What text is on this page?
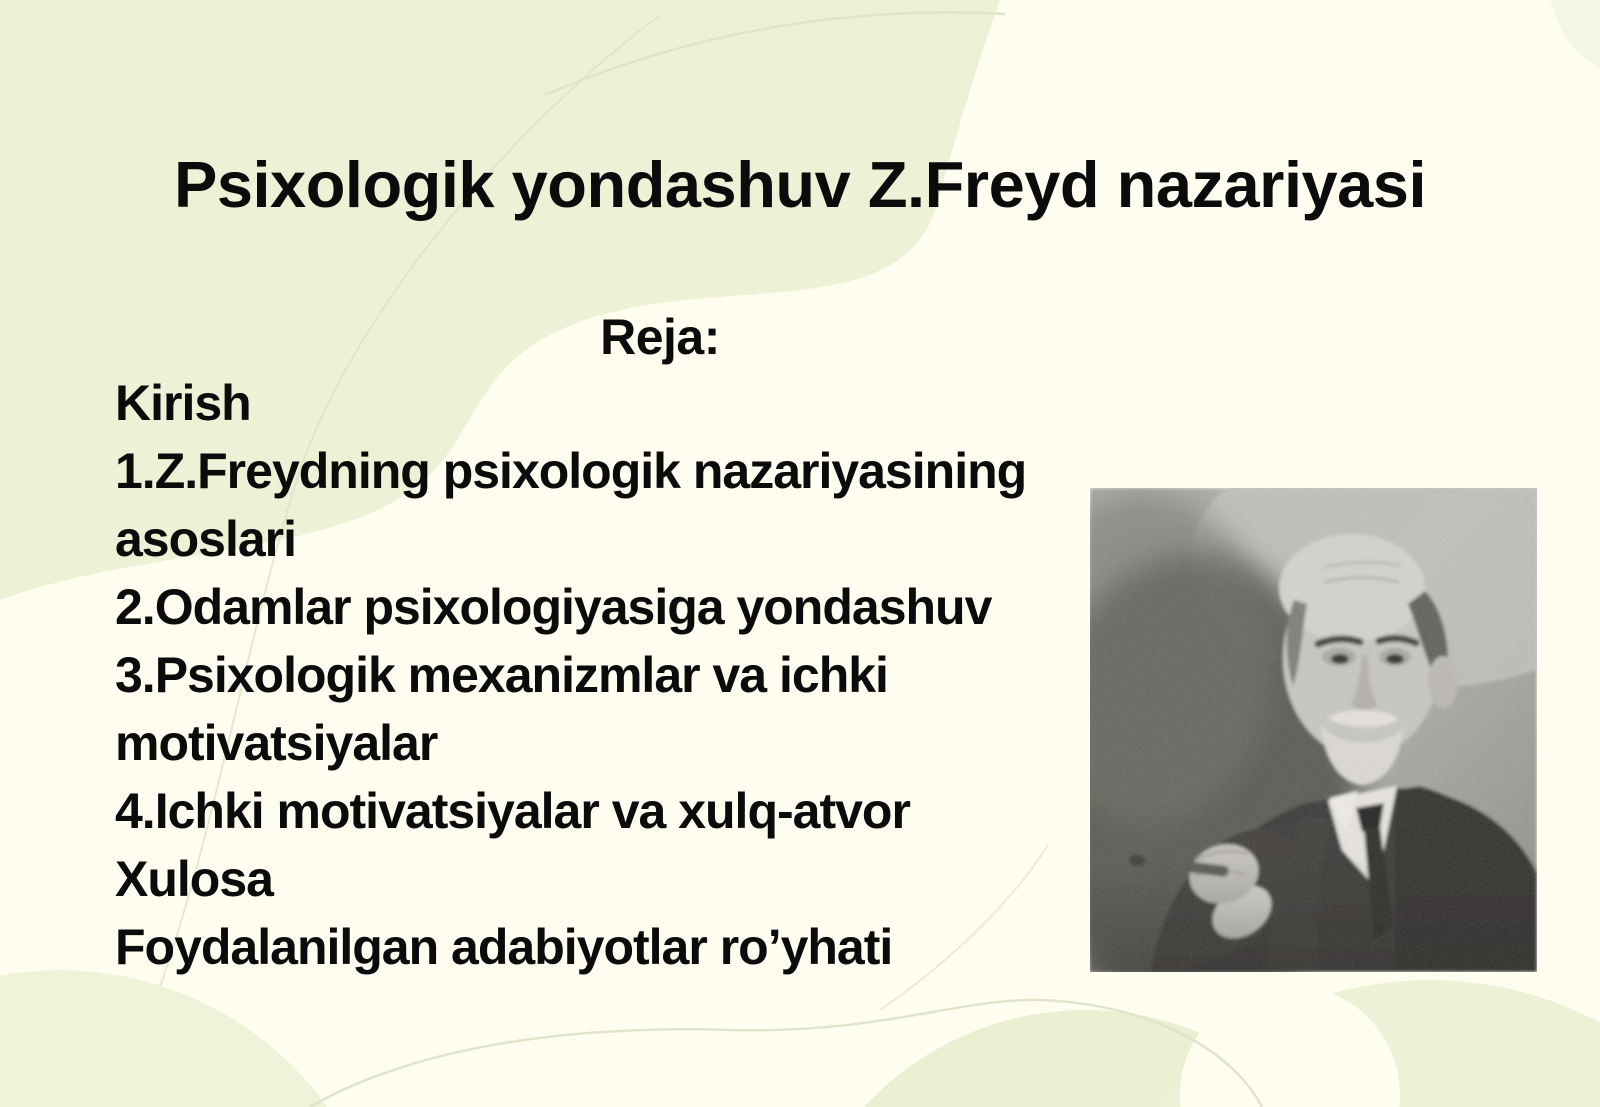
Psixologik yondashuv Z.Freyd nazariyasi
Reja:
Kirish
1.Z.Freydning psixologik nazariyasining
asoslari
2.Odamlar psixologiyasiga yondashuv
3.Psixologik mexanizmlar va ichki
motivatsiyalar
4.Ichki motivatsiyalar va xulq-atvor
Xulosa
Foydalanilgan adabiyotlar ro’yhati
